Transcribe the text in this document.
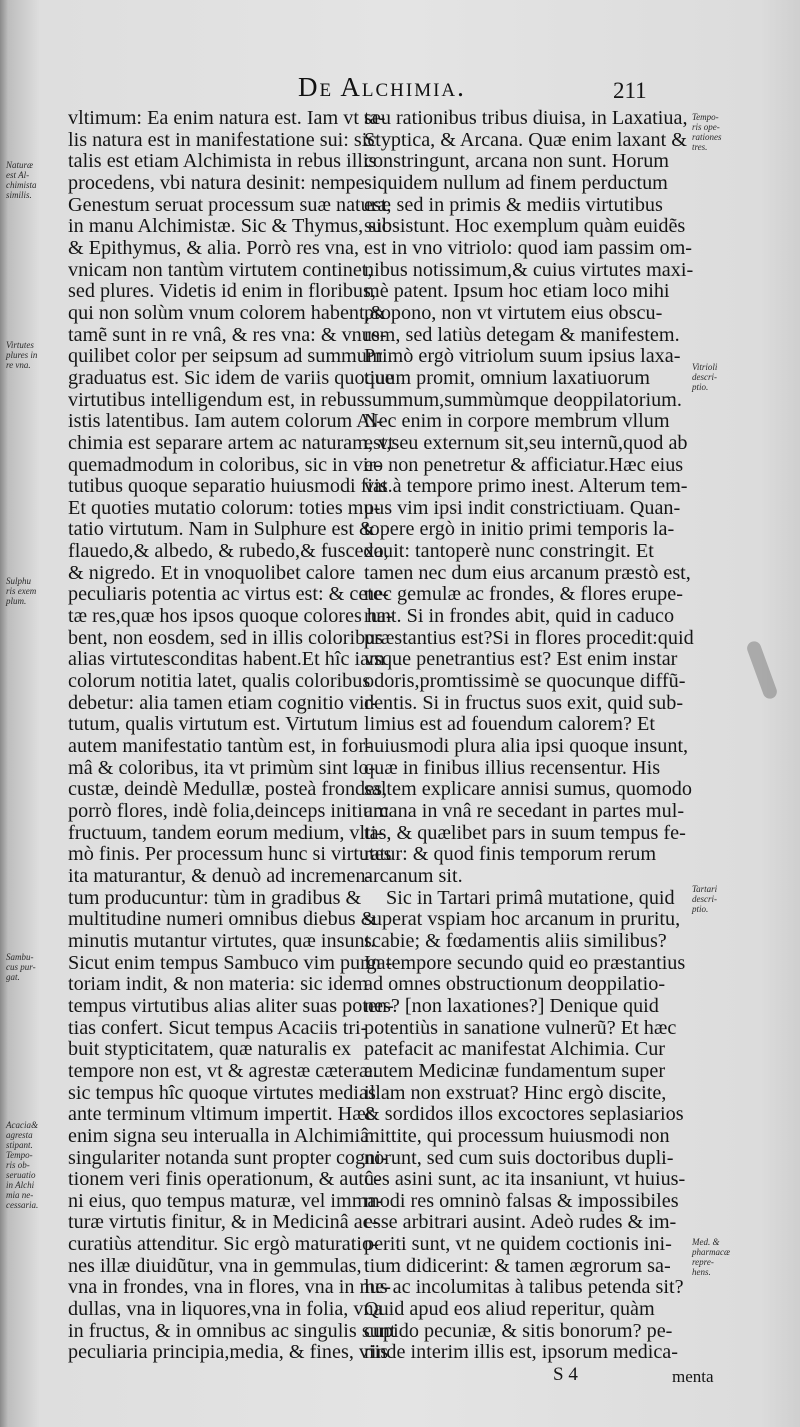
De Alchimia.	211
vltimum: Ea enim natura est. Iam vt ta-
lis natura est in manifestatione sui: sic
talis est etiam Alchimista in rebus illis
procedens, vbi natura desinit: nempe
Genestum seruat processum suæ naturæ
in manu Alchimistæ. Sic & Thymus, sic
& Epithymus, & alia. Porrò res vna,
vnicam non tantùm virtutem continet,
sed plures. Videtis id enim in floribus,
qui non solùm vnum colorem habent,&
tamẽ sunt in re vnâ, & res vna: & vnus-
quilibet color per seipsum ad summum
graduatus est. Sic idem de variis quoque
virtutibus intelligendum est, in rebus
istis latentibus. Iam autem colorum Al-
chimia est separare artem ac naturam, vt
quemadmodum in coloribus, sic in vir-
tutibus quoque separatio huiusmodi fiat.
Et quoties mutatio colorum: toties mu-
tatio virtutum. Nam in Sulphure est &
flauedo,& albedo, & rubedo,& fuscedo,
& nigredo. Et in vnoquolibet calore
peculiaris potentia ac virtus est: & cete-
tæ res,quæ hos ipsos quoque colores ha-
bent, non eosdem, sed in illis coloribus
alias virtutesconditas habent.Et hîc iam
colorum notitia latet, qualis coloribus
debetur: alia tamen etiam cognitio vir-
tutum, qualis virtutum est. Virtutum
autem manifestatio tantùm est, in for-
mâ & coloribus, ita vt primùm sint lo-
custæ, deindè Medullæ, posteà frondes,
porrò flores, indè folia,deinceps initium
fructuum, tandem eorum medium, vlti-
mò finis. Per processum hunc si virtutes
ita maturantur, & denuò ad incremen-
tum producuntur: tùm in gradibus &
multitudine numeri omnibus diebus &
minutis mutantur virtutes, quæ insunt.
Sicut enim tempus Sambuco vim purga-
toriam indit, & non materia: sic idem
tempus virtutibus alias aliter suas poten-
tias confert. Sicut tempus Acaciis tri-
buit stypticitatem, quæ naturalis ex
tempore non est, vt & agrestæ cæteræ:
sic tempus hîc quoque virtutes medias
ante terminum vltimum impertit. Hæc
enim signa seu interualla in Alchimiâ
singulariter notanda sunt propter cogni-
tionem veri finis operationum, & autû-
ni eius, quo tempus maturæ, vel imma-
turæ virtutis finitur, & in Medicinâ ac-
curatiùs attenditur. Sic ergò maturatio-
nes illæ diuidũtur, vna in gemmulas,
vna in frondes, vna in flores, vna in me-
dullas, vna in liquores,vna in folia, vna
in fructus, & in omnibus ac singulis sunt
peculiaria principia,media, & fines, viis
seu rationibus tribus diuisa, in Laxatiua,
Styptica, & Arcana. Quæ enim laxant &
constringunt, arcana non sunt. Horum
siquidem nullum ad finem perductum
est, sed in primis & mediis virtutibus
subsistunt. Hoc exemplum quàm euidẽs
est in vno vitriolo: quod iam passim om-
nibus notissimum,& cuius virtutes maxi-
mè patent. Ipsum hoc etiam loco mihi
propono, non vt virtutem eius obscu-
rem, sed latiùs detegam & manifestem.
Primò ergò vitriolum suum ipsius laxa-
tiuum promit, omnium laxatiuorum
summum,summùmque deoppilatorium.
Nec enim in corpore membrum vllum
est,seu externum sit,seu internũ,quod ab
eo non penetretur & afficiatur.Hæc eius
vis à tempore primo inest. Alterum tem-
pus vim ipsi indit constrictiuam. Quan-
topere ergò in initio primi temporis la-
xauit: tantoperè nunc constringit. Et
tamen nec dum eius arcanum præstò est,
nec gemulæ ac frondes, & flores erupe-
runt. Si in frondes abit, quid in caduco
præstantius est?Si in flores procedit:quid
vsque penetrantius est? Est enim instar
odoris,promtissimè se quocunque diffũ-
dentis. Si in fructus suos exit, quid sub-
limius est ad fouendum calorem? Et
huiusmodi plura alia ipsi quoque insunt,
quæ in finibus illius recensentur. His
saltem explicare annisi sumus, quomodo
arcana in vnâ re secedant in partes mul-
tas, & quælibet pars in suum tempus fe-
ratur: & quod finis temporum rerum
arcanum sit.
Sic in Tartari primâ mutatione, quid
superat vspiam hoc arcanum in pruritu,
scabie; & fœdamentis aliis similibus?
In tempore secundo quid eo præstantius
ad omnes obstructionum deoppilatio-
nes? [non laxationes?] Denique quid
potentiùs in sanatione vulnerũ? Et hæc
patefacit ac manifestat Alchimia. Cur
autem Medicinæ fundamentum super
illam non exstruat? Hinc ergò discite,
& sordidos illos excoctores seplasiarios
mittite, qui processum huiusmodi non
norunt, sed cum suis doctoribus dupli-
ces asini sunt, ac ita insaniunt, vt huius-
modi res omninò falsas & impossibiles
esse arbitrari ausint. Adeò rudes & im-
periti sunt, vt ne quidem coctionis ini-
tium didicerint: & tamen ægrorum sa-
lus ac incolumitas à talibus petenda sit?
Quid apud eos aliud reperitur, quàm
cupido pecuniæ, & sitis bonorum? pe-
rinde interim illis est, ipsorum medica-
Naturæ
est Al-
chimista
similis.
Virtutes
plures in
re vna.
Sulphu
ris exem
plum.
Sambu-
cus pur-
gat.
Acacia&
agresta
stipant.
Tempo-
ris ob-
seruatio
in Alchi
mia ne-
cessaria.
Tempo-
ris ope-
rationes
tres.
Vitrioli
descri-
ptio.
Tartari
descri-
ptio.
Med. &
pharmacæ
repre-
hens.
S 4	menta
